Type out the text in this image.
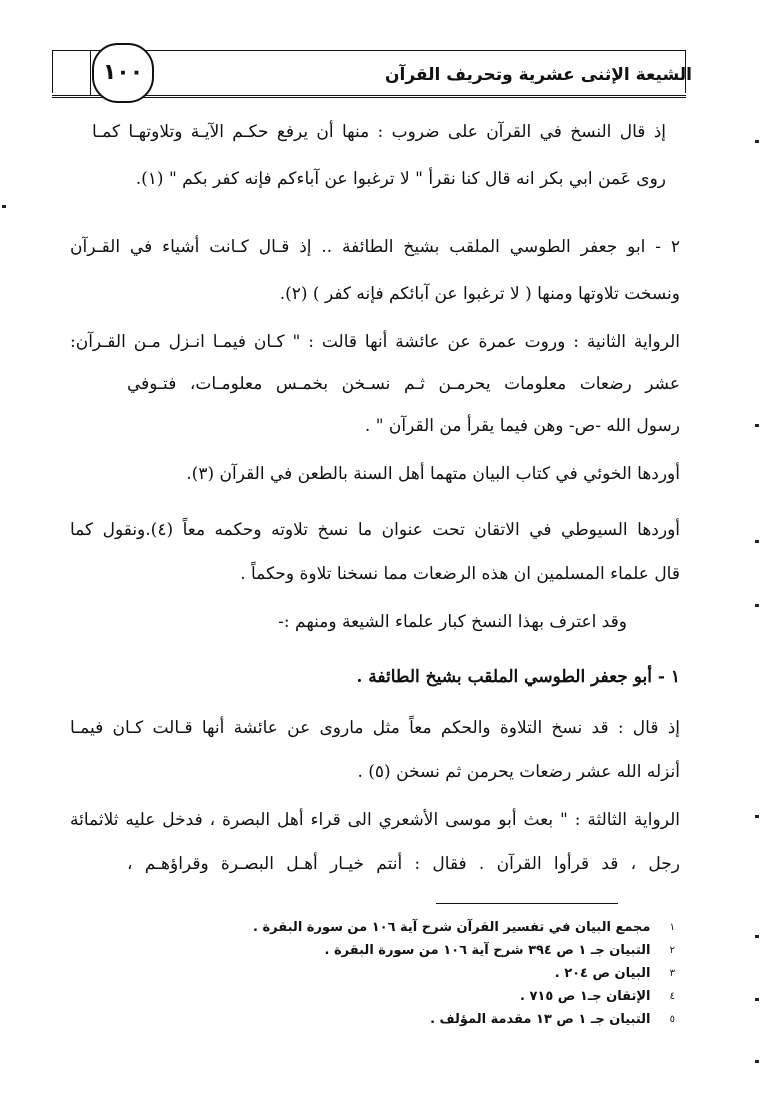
الشيعة الإثنى عشرية وتحريف القرآن
١٠٠
إذ قال النسخ في القرآن على ضروب : منها أن يرفع حكـم الآيـة وتلاوتهـا كمـا
روى عَمن ابي بكر انه قال كنا نقرأ " لا ترغبوا عن آباءكم فإنه كفر بكم " (١).
٢ - ابو جعفر الطوسي الملقب بشيخ الطائفة .. إذ قـال كـانت أشياء في القـرآن
ونسخت تلاوتها ومنها ( لا ترغبوا عن آبائكم فإنه كفر ) (٢).
الرواية الثانية : وروت عمرة عن عائشة أنها قالت : " كـان فيمـا انـزل مـن القـرآن:
عشر رضعات معلومات يحرمـن ثـم نسـخن بخمـس معلومـات، فتـوفي
رسول الله -ص- وهن فيما يقرأ من القرآن " .
أوردها الخوئي في كتاب البيان متهما أهل السنة بالطعن في القرآن (٣).
أوردها السيوطي في الاتقان تحت عنوان ما نسخ تلاوته وحكمه معاً (٤).ونقول كما
قال علماء المسلمين ان هذه الرضعات مما نسخنا تلاوة وحكماً .
وقد اعترف بهذا النسخ كبار علماء الشيعة ومنهم :-
١ - أبو جعفر الطوسي الملقب بشيخ الطائفة .
إذ قال : قد نسخ التلاوة والحكم معاً مثل ماروى عن عائشة أنها قـالت كـان فيمـا
أنزله الله عشر رضعات يحرمن ثم نسخن (٥) .
الرواية الثالثة : " بعث أبو موسى الأشعري الى قراء أهل البصرة ، فدخل عليه ثلاثمائة
رجل ، قد قرأوا القرآن . فقال : أنتم خيـار أهـل البصـرة وقراؤهـم ،
١ مجمع البيان في تفسير القرآن شرح آية ١٠٦ من سورة البقرة .
٢ التبيان جـ ١ ص ٣٩٤ شرح آية ١٠٦ من سورة البقرة .
٣ البيان ص ٢٠٤ .
٤ الإتقان جـ١ ص ٧١٥ .
٥ التبيان جـ ١ ص ١٣ مقدمة المؤلف .
